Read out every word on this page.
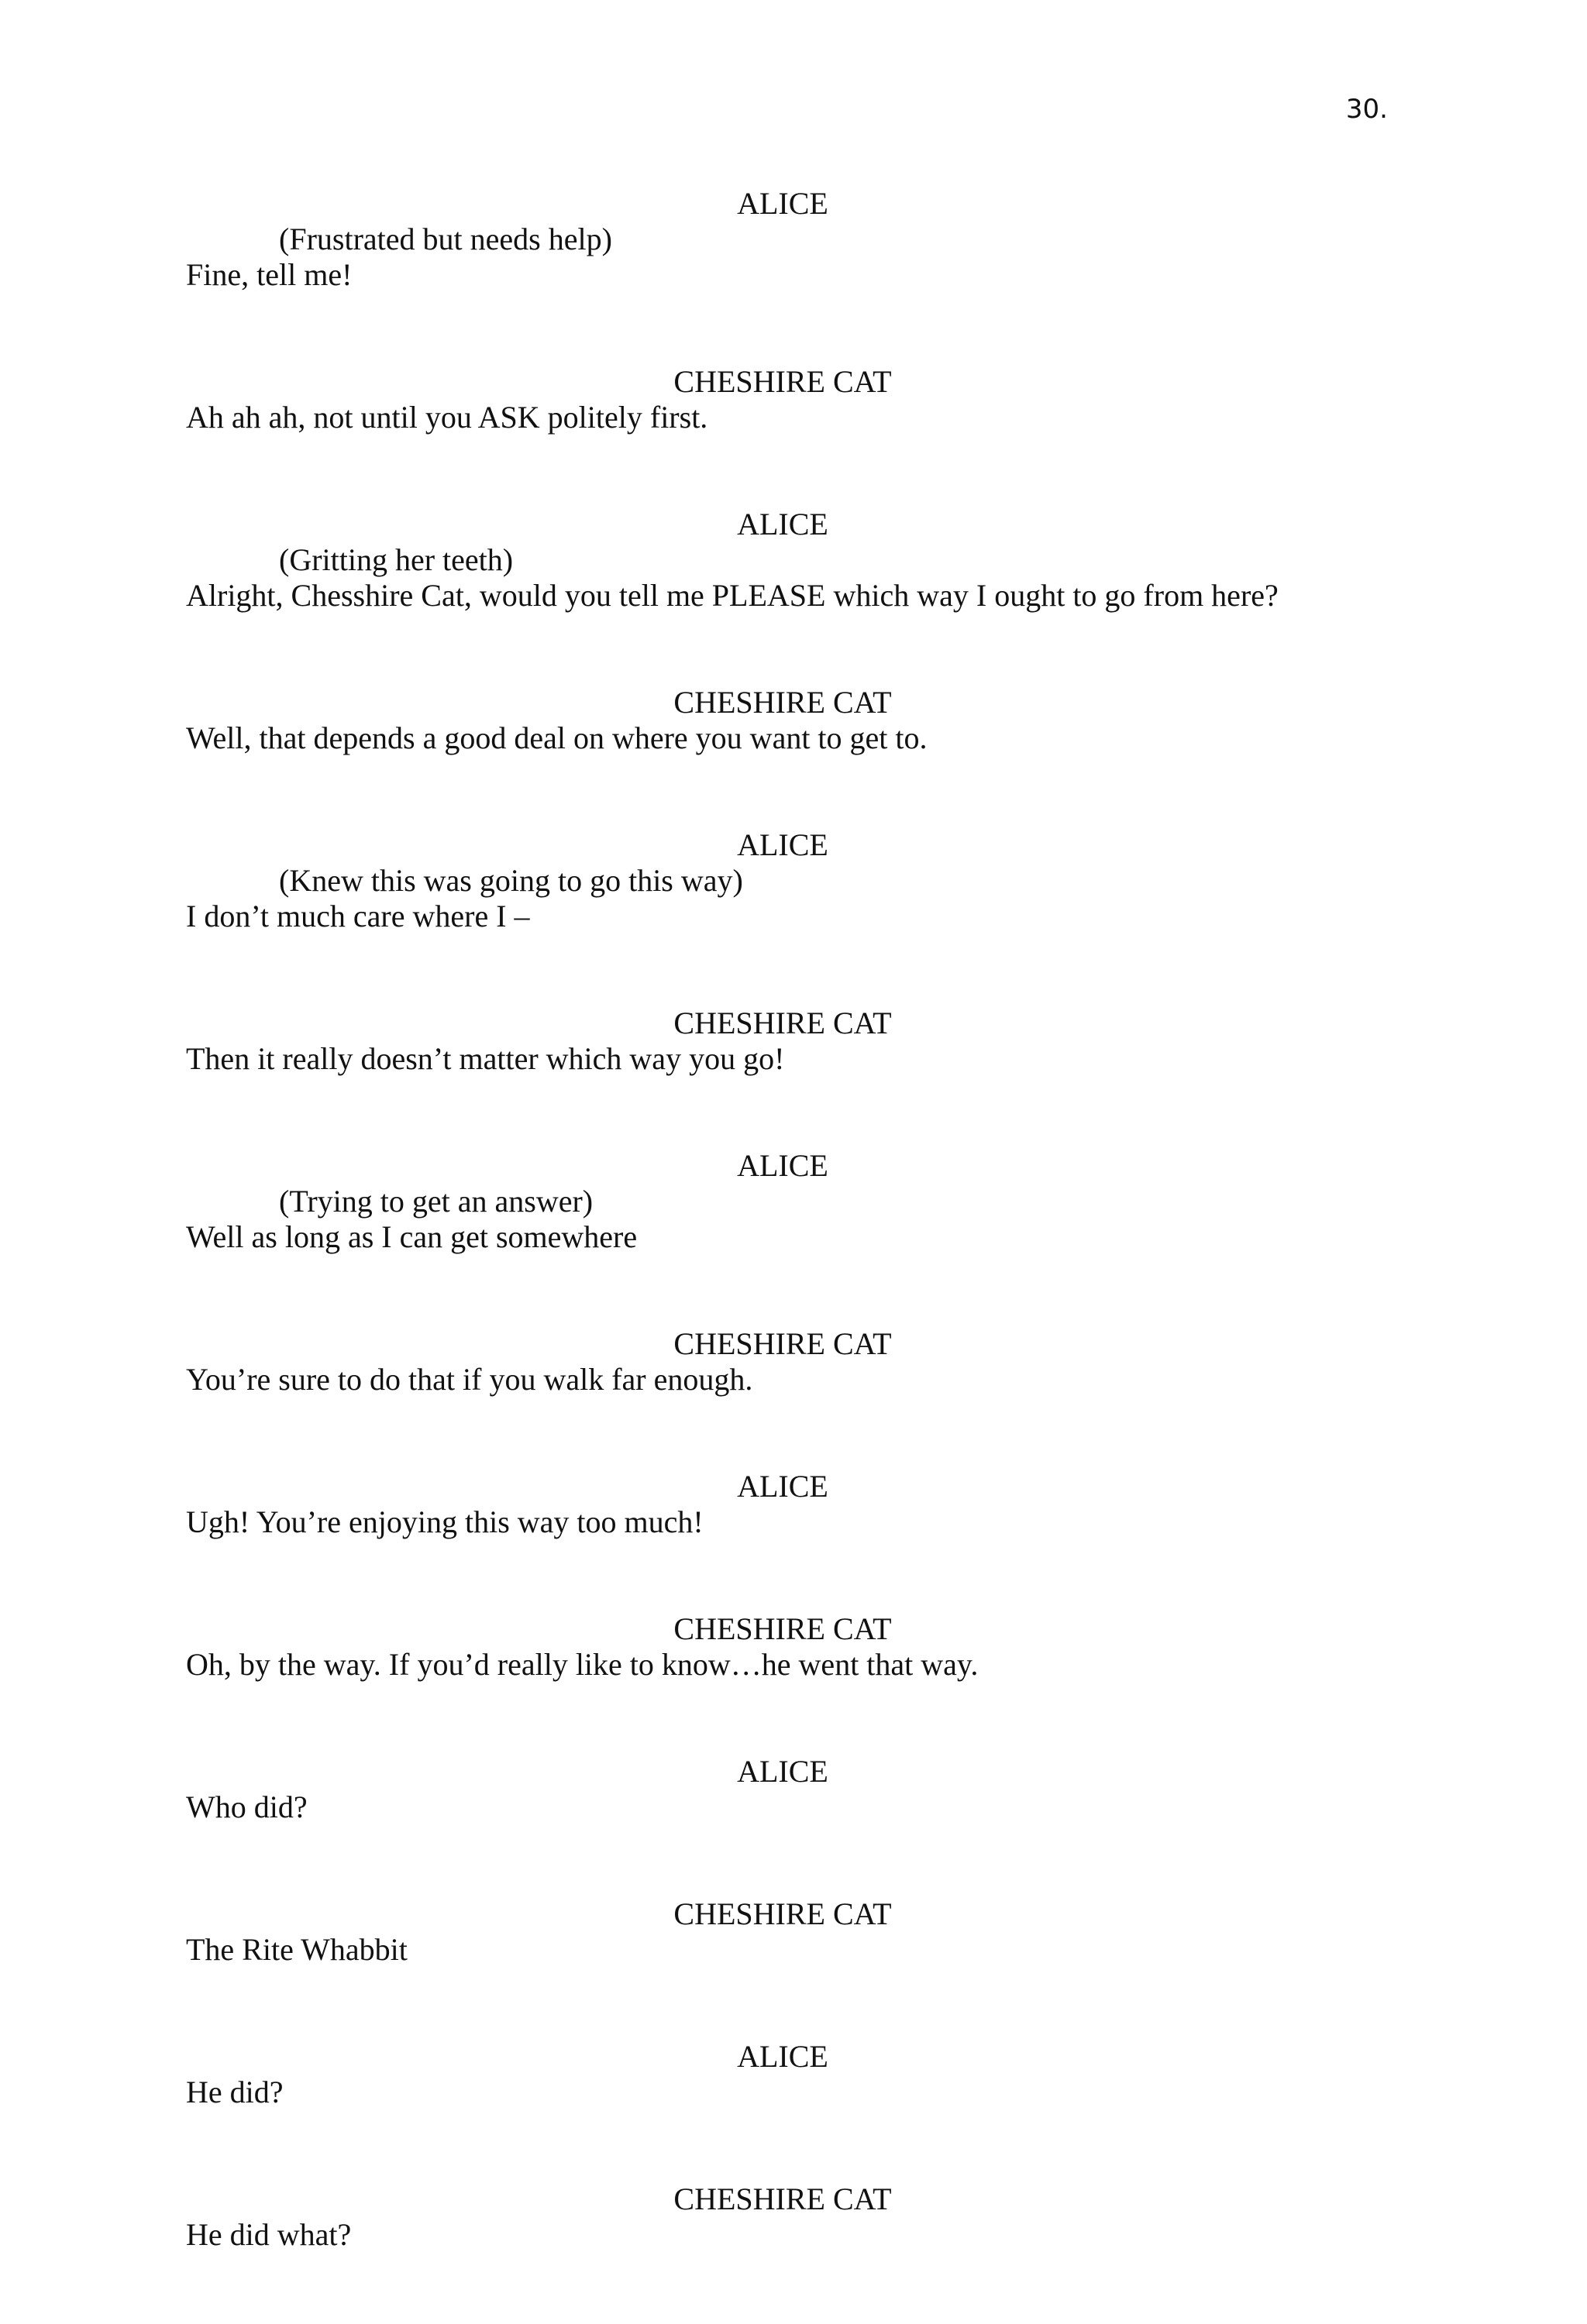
30.
ALICE
(Frustrated but needs help)
Fine, tell me!
CHESHIRE CAT
Ah ah ah, not until you ASK politely first.
ALICE
(Gritting her teeth)
Alright, Chesshire Cat, would you tell me PLEASE which way I ought to go from here?
CHESHIRE CAT
Well, that depends a good deal on where you want to get to.
ALICE
(Knew this was going to go this way)
I don’t much care where I –
CHESHIRE CAT
Then it really doesn’t matter which way you go!
ALICE
(Trying to get an answer)
Well as long as I can get somewhere
CHESHIRE CAT
You’re sure to do that if you walk far enough.
ALICE
Ugh! You’re enjoying this way too much!
CHESHIRE CAT
Oh, by the way. If you’d really like to know…he went that way.
ALICE
Who did?
CHESHIRE CAT
The Rite Whabbit
ALICE
He did?
CHESHIRE CAT
He did what?
